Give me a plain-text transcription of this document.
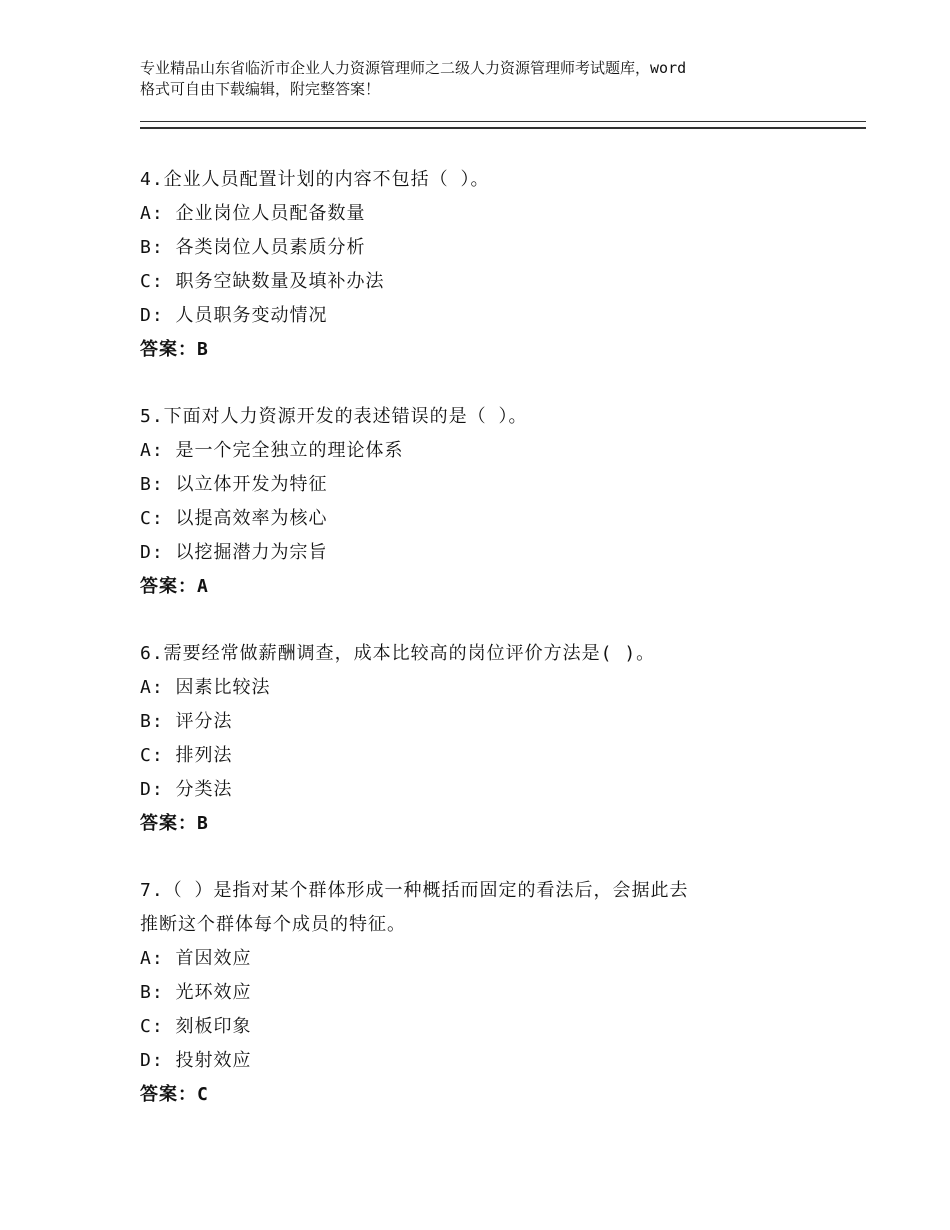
专业精品山东省临沂市企业人力资源管理师之二级人力资源管理师考试题库，word
格式可自由下载编辑，附完整答案！
4.企业人员配置计划的内容不包括（ ）。
A: 企业岗位人员配备数量
B: 各类岗位人员素质分析
C: 职务空缺数量及填补办法
D: 人员职务变动情况
答案：B
5.下面对人力资源开发的表述错误的是（ ）。
A: 是一个完全独立的理论体系
B: 以立体开发为特征
C: 以提高效率为核心
D: 以挖掘潜力为宗旨
答案：A
6.需要经常做薪酬调查，成本比较高的岗位评价方法是( )。
A: 因素比较法
B: 评分法
C: 排列法
D: 分类法
答案：B
7.（ ）是指对某个群体形成一种概括而固定的看法后，会据此去
推断这个群体每个成员的特征。
A: 首因效应
B: 光环效应
C: 刻板印象
D: 投射效应
答案：C
